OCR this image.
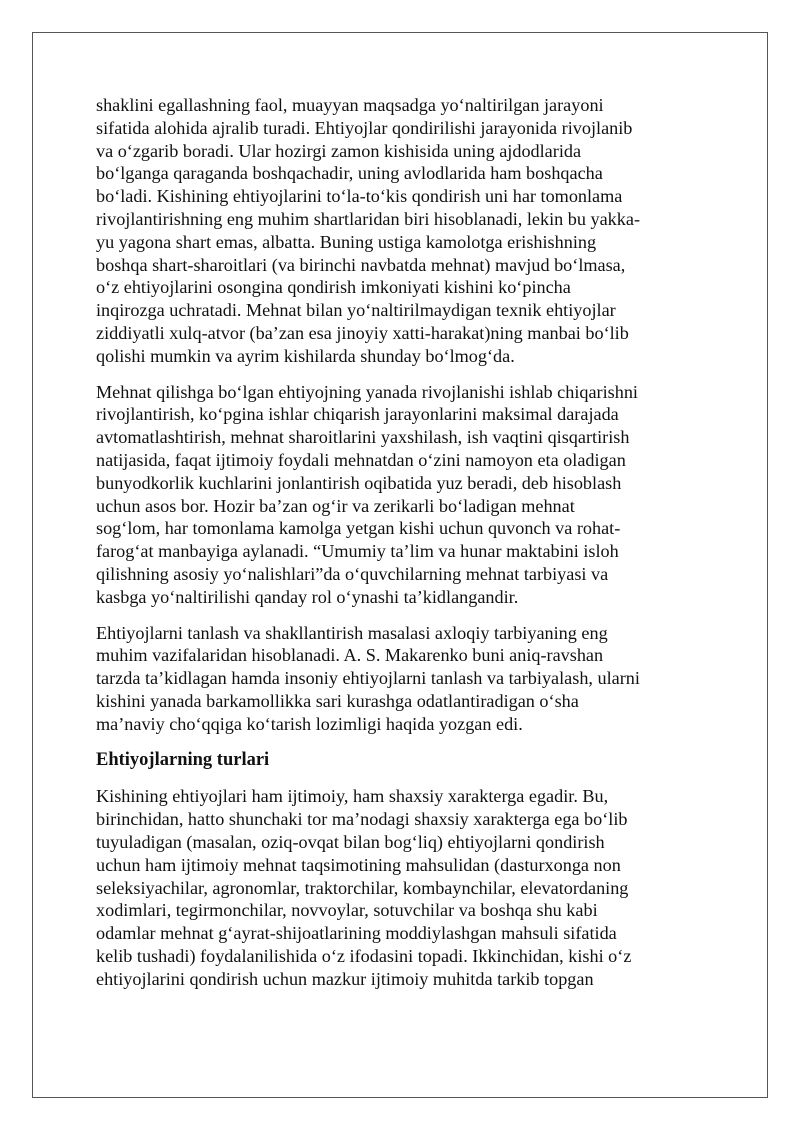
shaklini egallashning faol, muayyan maqsadga yo‘naltirilgan jarayoni
sifatida alohida ajralib turadi. Ehtiyojlar qondirilishi jarayonida rivojlanib
va o‘zgarib boradi. Ular hozirgi zamon kishisida uning ajdodlarida
bo‘lganga qaraganda boshqachadir, uning avlodlarida ham boshqacha
bo‘ladi. Kishining ehtiyojlarini to‘la-to‘kis qondirish uni har tomonlama
rivojlantirishning eng muhim shartlaridan biri hisoblanadi, lekin bu yakka-
yu yagona shart emas, albatta. Buning ustiga kamolotga erishishning
boshqa shart-sharoitlari (va birinchi navbatda mehnat) mavjud bo‘lmasa,
o‘z ehtiyojlarini osongina qondirish imkoniyati kishini ko‘pincha
inqirozga uchratadi. Mehnat bilan yo‘naltirilmaydigan texnik ehtiyojlar
ziddiyatli xulq-atvor (ba’zan esa jinoyiy xatti-harakat)ning manbai bo‘lib
qolishi mumkin va ayrim kishilarda shunday bo‘lmog‘da.

Mehnat qilishga bo‘lgan ehtiyojning yanada rivojlanishi ishlab chiqarishni
rivojlantirish, ko‘pgina ishlar chiqarish jarayonlarini maksimal darajada
avtomatlashtirish, mehnat sharoitlarini yaxshilash, ish vaqtini qisqartirish
natijasida, faqat ijtimoiy foydali mehnatdan o‘zini namoyon eta oladigan
bunyodkorlik kuchlarini jonlantirish oqibatida yuz beradi, deb hisoblash
uchun asos bor. Hozir ba’zan og‘ir va zerikarli bo‘ladigan mehnat
sog‘lom, har tomonlama kamolga yetgan kishi uchun quvonch va rohat-
farog‘at manbayiga aylanadi. “Umumiy ta’lim va hunar maktabini isloh
qilishning asosiy yo‘nalishlari”da o‘quvchilarning mehnat tarbiyasi va
kasbga yo‘naltirilishi qanday rol o‘ynashi ta’kidlangandir.

Ehtiyojlarni tanlash va shakllantirish masalasi axloqiy tarbiyaning eng
muhim vazifalaridan hisoblanadi. A. S. Makarenko buni aniq-ravshan
tarzda ta’kidlagan hamda insoniy ehtiyojlarni tanlash va tarbiyalash, ularni
kishini yanada barkamollikka sari kurashga odatlantiradigan o‘sha
ma’naviy cho‘qqiga ko‘tarish lozimligi haqida yozgan edi.

Ehtiyojlarning turlari

Kishining ehtiyojlari ham ijtimoiy, ham shaxsiy xarakterga egadir. Bu,
birinchidan, hatto shunchaki tor ma’nodagi shaxsiy xarakterga ega bo‘lib
tuyuladigan (masalan, oziq-ovqat bilan bog‘liq) ehtiyojlarni qondirish
uchun ham ijtimoiy mehnat taqsimotining mahsulidan (dasturxonga non
seleksiyachilar, agronomlar, traktorchilar, kombaynchilar, elevatordaning
xodimlari, tegirmonchilar, novvoylar, sotuvchilar va boshqa shu kabi
odamlar mehnat g‘ayrat-shijoatlarining moddiylashgan mahsuli sifatida
kelib tushadi) foydalanilishida o‘z ifodasini topadi. Ikkinchidan, kishi o‘z
ehtiyojlarini qondirish uchun mazkur ijtimoiy muhitda tarkib topgan
